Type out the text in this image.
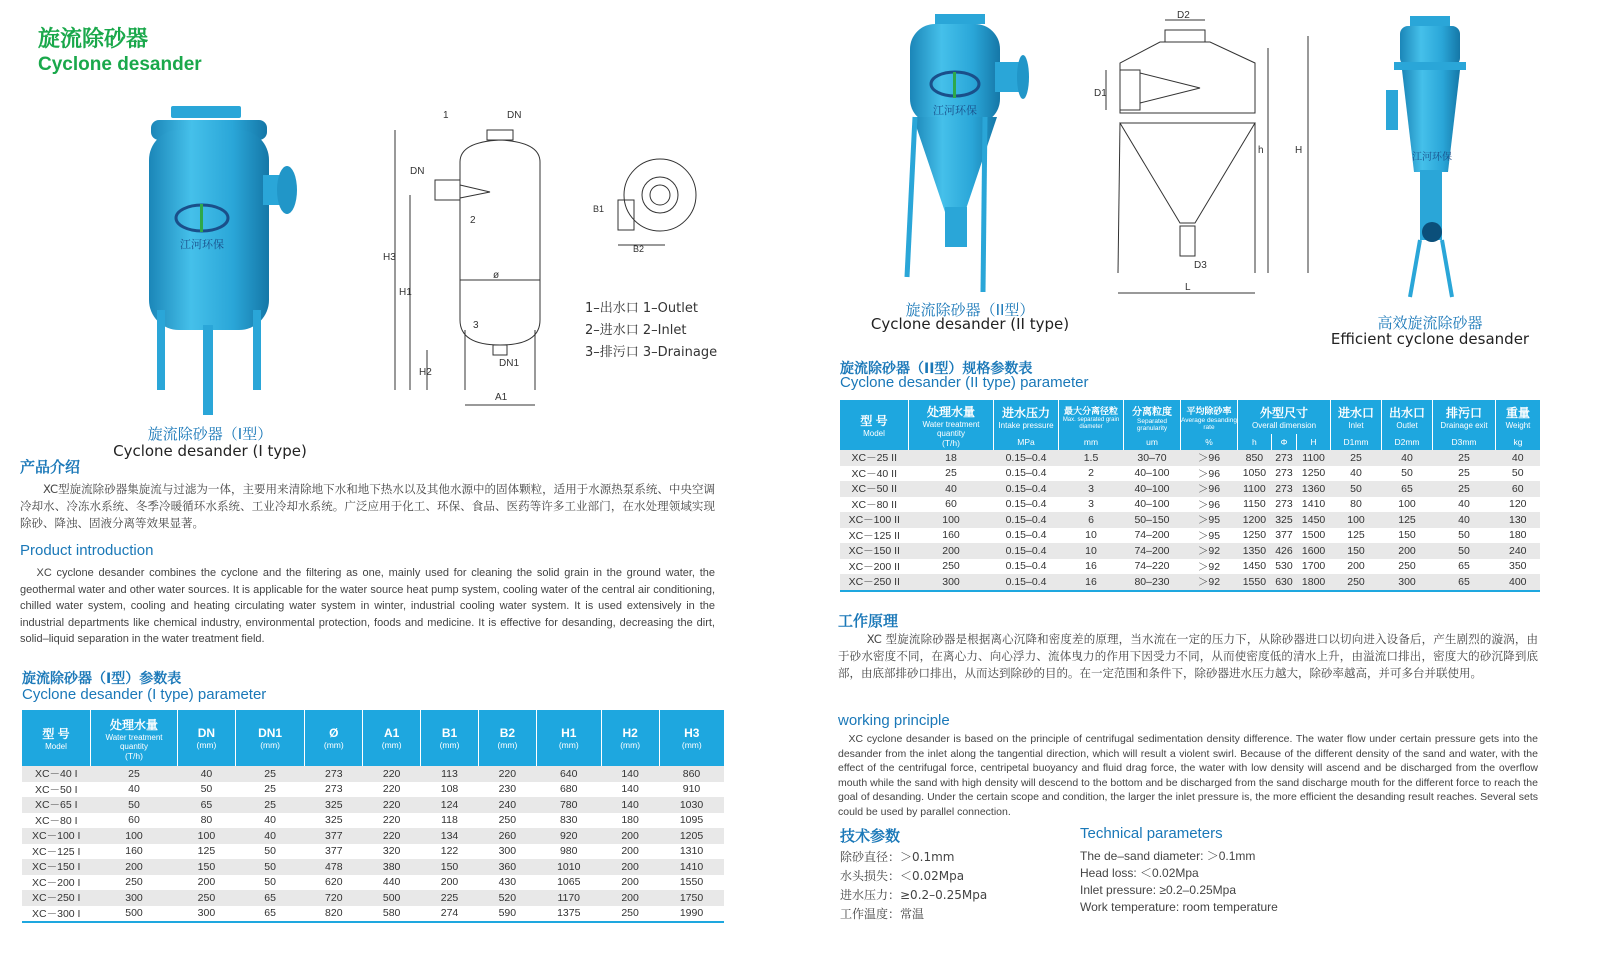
旋流除砂器
Cyclone desander
江河环保
旋流除砂器（I型）
Cyclone desander (I type)
1	DN
DN
2
ø
3
DN1
H3
H1
H2
A1
B1
B2
1–出水口 1–Outlet
2–进水口 2–Inlet
3–排污口 3–Drainage
江河环保
旋流除砂器（II型）
Cyclone desander (II type)
D2
D1
H
h
D3
L
江河环保
高效旋流除砂器
Efficient cyclone desander
产品介绍
XC型旋流除砂器集旋流与过滤为一体，主要用来清除地下水和地下热水以及其他水源中的固体颗粒，适用于水源热泵系统、中央空调冷却水、冷冻水系统、冬季冷暖循环水系统、工业冷却水系统。广泛应用于化工、环保、食品、医药等许多工业部门，在水处理领域实现除砂、降浊、固液分离等效果显著。
Product introduction
XC cyclone desander combines the cyclone and the filtering as one, mainly used for cleaning the solid grain in the ground water, the geothermal water and other water sources. It is applicable for the water source heat pump system, cooling water of the central air conditioning, chilled water system, cooling and heating circulating water system in winter, industrial cooling water system. It is used extensively in the industrial departments like chemical industry, environmental protection, foods and medicine. It is effective for desanding, decreasing the dirt, solid–liquid separation in the water treatment field.
旋流除砂器（I型）参数表
Cyclone desander (I type) parameter
型 号
Model	处理水量
Water treatment quantity
(T/h)	DN
(mm)	DN1
(mm)	Ø
(mm)	A1
(mm)	B1
(mm)	B2
(mm)	H1
(mm)	H2
(mm)	H3
(mm)

XC－40 I	25	40	25	273	220	113	220	640	140	860
XC－50 I	40	50	25	273	220	108	230	680	140	910
XC－65 I	50	65	25	325	220	124	240	780	140	1030
XC－80 I	60	80	40	325	220	118	250	830	180	1095
XC－100 I	100	100	40	377	220	134	260	920	200	1205
XC－125 I	160	125	50	377	320	122	300	980	200	1310
XC－150 I	200	150	50	478	380	150	360	1010	200	1410
XC－200 I	250	200	50	620	440	200	430	1065	200	1550
XC－250 I	300	250	65	720	500	225	520	1170	200	1750
XC－300 I	500	300	65	820	580	274	590	1375	250	1990
旋流除砂器（II型）规格参数表
Cyclone desander (II type) parameter
型 号
Model	处理水量
Water treatment quantity
(T/h)	进水压力
Intake pressure	最大分离径粒
Max. separated grain diameter	分离粒度
Separated granularity	平均除砂率
Average desanding rate	外型尺寸
Overall dimension			进水口
Inlet	出水口
Outlet	排污口
Drainage exit	重量
Weight

		MPa	mm	um	%	h	Φ	H	D1mm	D2mm	D3mm	kg

XC－25 II	18	0.15–0.4	1.5	30–70	＞96	850	273	1100	25	40	25	40
XC－40 II	25	0.15–0.4	2	40–100	＞96	1050	273	1250	40	50	25	50
XC－50 II	40	0.15–0.4	3	40–100	＞96	1100	273	1360	50	65	25	60
XC－80 II	60	0.15–0.4	3	40–100	＞96	1150	273	1410	80	100	40	120
XC－100 II	100	0.15–0.4	6	50–150	＞95	1200	325	1450	100	125	40	130
XC－125 II	160	0.15–0.4	10	74–200	＞95	1250	377	1500	125	150	50	180
XC－150 II	200	0.15–0.4	10	74–200	＞92	1350	426	1600	150	200	50	240
XC－200 II	250	0.15–0.4	16	74–220	＞92	1450	530	1700	200	250	65	350
XC－250 II	300	0.15–0.4	16	80–230	＞92	1550	630	1800	250	300	65	400
工作原理
XC 型旋流除砂器是根据离心沉降和密度差的原理，当水流在一定的压力下，从除砂器进口以切向进入设备后，产生剧烈的漩涡，由于砂水密度不同，在离心力、向心浮力、流体曳力的作用下因受力不同，从而使密度低的清水上升，由溢流口排出，密度大的砂沉降到底部，由底部排砂口排出，从而达到除砂的目的。在一定范围和条件下，除砂器进水压力越大，除砂率越高，并可多台并联使用。
working principle
XC cyclone desander is based on the principle of centrifugal sedimentation density difference. The water flow under certain pressure gets into the desander from the inlet along the tangential direction, which will result a violent swirl. Because of the different density of the sand and water, with the effect of the centrifugal force, centripetal buoyancy and fluid drag force, the water with low density will ascend and be discharged from the overflow mouth while the sand with high density will descend to the bottom and be discharged from the sand discharge mouth for the different force to reach the goal of desanding. Under the certain scope and condition, the larger the inlet pressure is, the more efficient the desanding result reaches. Several sets could be used by parallel connection.
技术参数
除砂直径：＞0.1mm
水头损失：＜0.02Mpa
进水压力：≥0.2–0.25Mpa
工作温度：常温
Technical parameters
The de–sand diameter: ＞0.1mm
Head loss: ＜0.02Mpa
Inlet pressure: ≥0.2–0.25Mpa
Work temperature: room temperature
